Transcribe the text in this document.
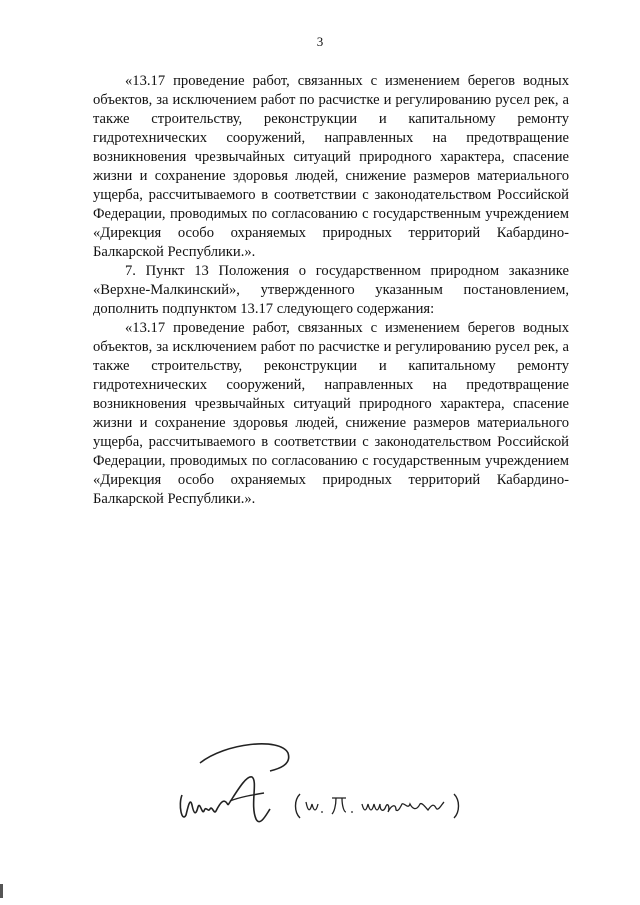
3

«13.17 проведение работ, связанных с изменением берегов водных объектов, за исключением работ по расчистке и регулированию русел рек, а также строительству, реконструкции и капитальному ремонту гидротехнических сооружений, направленных на предотвращение возникновения чрезвычайных ситуаций природного характера, спасение жизни и сохранение здоровья людей, снижение размеров материального ущерба, рассчитываемого в соответствии с законодательством Российской Федерации, проводимых по согласованию с государственным учреждением «Дирекция особо охраняемых природных территорий Кабардино-Балкарской Республики.».

7. Пункт 13 Положения о государственном природном заказнике «Верхне-Малкинский», утвержденного указанным постановлением, дополнить подпунктом 13.17 следующего содержания:

«13.17 проведение работ, связанных с изменением берегов водных объектов, за исключением работ по расчистке и регулированию русел рек, а также строительству, реконструкции и капитальному ремонту гидротехнических сооружений, направленных на предотвращение возникновения чрезвычайных ситуаций природного характера, спасение жизни и сохранение здоровья людей, снижение размеров материального ущерба, рассчитываемого в соответствии с законодательством Российской Федерации, проводимых по согласованию с государственным учреждением «Дирекция особо охраняемых природных территорий Кабардино-Балкарской Республики.».
